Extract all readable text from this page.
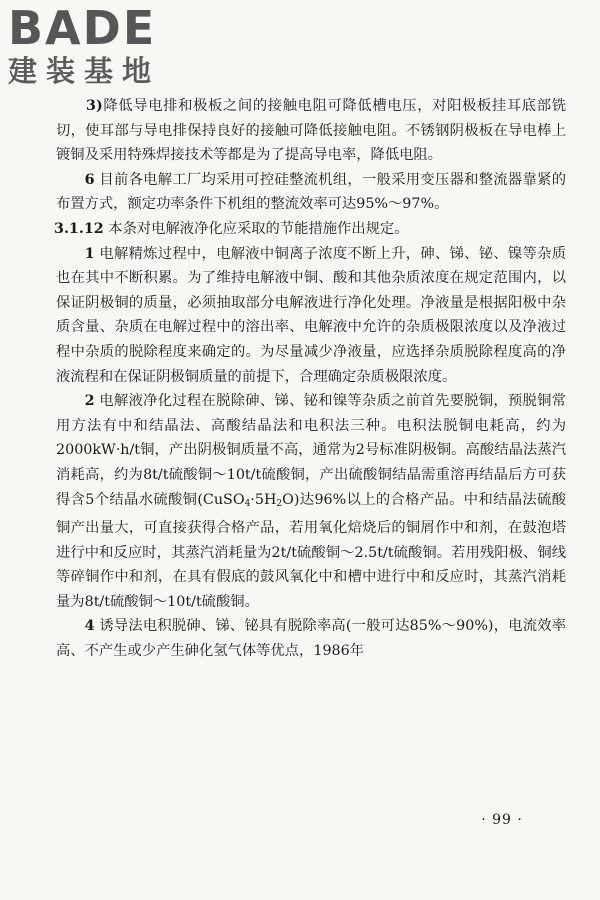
BADE
建装基地

3)降低导电排和极板之间的接触电阻可降低槽电压，对阳极板挂耳底部铣切，使耳部与导电排保持良好的接触可降低接触电阻。不锈钢阴极板在导电棒上镀铜及采用特殊焊接技术等都是为了提高导电率，降低电阻。

6 目前各电解工厂均采用可控硅整流机组，一般采用变压器和整流器靠紧的布置方式，额定功率条件下机组的整流效率可达95%～97%。

3.1.12 本条对电解液净化应采取的节能措施作出规定。

1 电解精炼过程中，电解液中铜离子浓度不断上升，砷、锑、铋、镍等杂质也在其中不断积累。为了维持电解液中铜、酸和其他杂质浓度在规定范围内，以保证阴极铜的质量，必须抽取部分电解液进行净化处理。净液量是根据阳极中杂质含量、杂质在电解过程中的溶出率、电解液中允许的杂质极限浓度以及净液过程中杂质的脱除程度来确定的。为尽量减少净液量，应选择杂质脱除程度高的净液流程和在保证阴极铜质量的前提下，合理确定杂质极限浓度。

2 电解液净化过程在脱除砷、锑、铋和镍等杂质之前首先要脱铜，预脱铜常用方法有中和结晶法、高酸结晶法和电积法三种。电积法脱铜电耗高，约为2000kW·h/t铜，产出阴极铜质量不高，通常为2号标准阴极铜。高酸结晶法蒸汽消耗高，约为8t/t硫酸铜～10t/t硫酸铜，产出硫酸铜结晶需重溶再结晶后方可获得含5个结晶水硫酸铜$(CuSO_4\cdot 5H_2O)$达96%以上的合格产品。中和结晶法硫酸铜产出量大，可直接获得合格产品，若用氧化焙烧后的铜屑作中和剂，在鼓泡塔进行中和反应时，其蒸汽消耗量为2t/t硫酸铜～2.5t/t硫酸铜。若用残阳极、铜线等碎铜作中和剂，在具有假底的鼓风氧化中和槽中进行中和反应时，其蒸汽消耗量为8t/t硫酸铜～10t/t硫酸铜。

4 诱导法电积脱砷、锑、铋具有脱除率高(一般可达85%～90%)，电流效率高、不产生或少产生砷化氢气体等优点，1986年

· 99 ·
